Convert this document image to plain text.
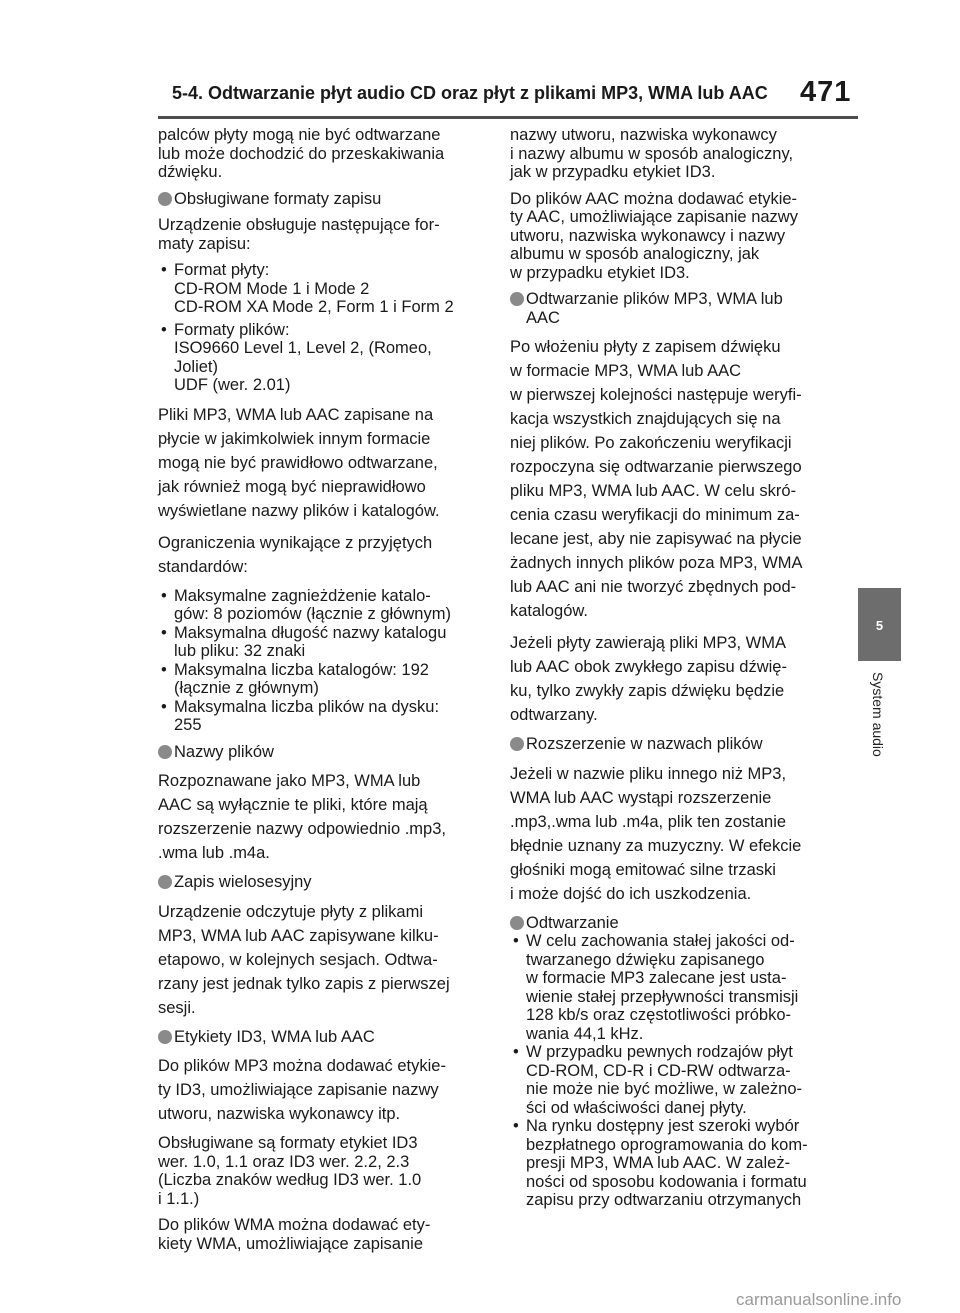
5-4. Odtwarzanie płyt audio CD oraz płyt z plikami MP3, WMA lub AAC 471
5
System audio

palców płyty mogą nie być odtwarzane
lub może dochodzić do przeskakiwania
dźwięku.

Obsługiwane formaty zapisu

Urządzenie obsługuje następujące for-
maty zapisu:

• Format płyty:
CD-ROM Mode 1 i Mode 2
CD-ROM XA Mode 2, Form 1 i Form 2
• Formaty plików:
ISO9660 Level 1, Level 2, (Romeo,
Joliet)
UDF (wer. 2.01)

Pliki MP3, WMA lub AAC zapisane na
płycie w jakimkolwiek innym formacie
mogą nie być prawidłowo odtwarzane,
jak również mogą być nieprawidłowo
wyświetlane nazwy plików i katalogów.

Ograniczenia wynikające z przyjętych
standardów:

• Maksymalne zagnieżdżenie katalo-
gów: 8 poziomów (łącznie z głównym)
• Maksymalna długość nazwy katalogu
lub pliku: 32 znaki
• Maksymalna liczba katalogów: 192
(łącznie z głównym)
• Maksymalna liczba plików na dysku:
255
Nazwy plików

Rozpoznawane jako MP3, WMA lub
AAC są wyłącznie te pliki, które mają
rozszerzenie nazwy odpowiednio .mp3,
.wma lub .m4a.

Zapis wielosesyjny

Urządzenie odczytuje płyty z plikami
MP3, WMA lub AAC zapisywane kilku-
etapowo, w kolejnych sesjach. Odtwa-
rzany jest jednak tylko zapis z pierwszej
sesji.

Etykiety ID3, WMA lub AAC

Do plików MP3 można dodawać etykie-
ty ID3, umożliwiające zapisanie nazwy
utworu, nazwiska wykonawcy itp.

Obsługiwane są formaty etykiet ID3
wer. 1.0, 1.1 oraz ID3 wer. 2.2, 2.3
(Liczba znaków według ID3 wer. 1.0
i 1.1.)

Do plików WMA można dodawać ety-
kiety WMA, umożliwiające zapisanie

nazwy utworu, nazwiska wykonawcy
i nazwy albumu w sposób analogiczny,
jak w przypadku etykiet ID3.

Do plików AAC można dodawać etykie-
ty AAC, umożliwiające zapisanie nazwy
utworu, nazwiska wykonawcy i nazwy
albumu w sposób analogiczny, jak
w przypadku etykiet ID3.

Odtwarzanie plików MP3, WMA lub
AAC

Po włożeniu płyty z zapisem dźwięku
w formacie MP3, WMA lub AAC
w pierwszej kolejności następuje weryfi-
kacja wszystkich znajdujących się na
niej plików. Po zakończeniu weryfikacji
rozpoczyna się odtwarzanie pierwszego
pliku MP3, WMA lub AAC. W celu skró-
cenia czasu weryfikacji do minimum za-
lecane jest, aby nie zapisywać na płycie
żadnych innych plików poza MP3, WMA
lub AAC ani nie tworzyć zbędnych pod-
katalogów.

Jeżeli płyty zawierają pliki MP3, WMA
lub AAC obok zwykłego zapisu dźwię-
ku, tylko zwykły zapis dźwięku będzie
odtwarzany.

Rozszerzenie w nazwach plików

Jeżeli w nazwie pliku innego niż MP3,
WMA lub AAC wystąpi rozszerzenie
.mp3,.wma lub .m4a, plik ten zostanie
błędnie uznany za muzyczny. W efekcie
głośniki mogą emitować silne trzaski
i może dojść do ich uszkodzenia.

Odtwarzanie
• W celu zachowania stałej jakości od-
twarzanego dźwięku zapisanego
w formacie MP3 zalecane jest usta-
wienie stałej przepływności transmisji
128 kb/s oraz częstotliwości próbko-
wania 44,1 kHz.
• W przypadku pewnych rodzajów płyt
CD-ROM, CD-R i CD-RW odtwarza-
nie może nie być możliwe, w zależno-
ści od właściwości danej płyty.
• Na rynku dostępny jest szeroki wybór
bezpłatnego oprogramowania do kom-
presji MP3, WMA lub AAC. W zależ-
ności od sposobu kodowania i formatu
zapisu przy odtwarzaniu otrzymanych
carmanualsonline.info
